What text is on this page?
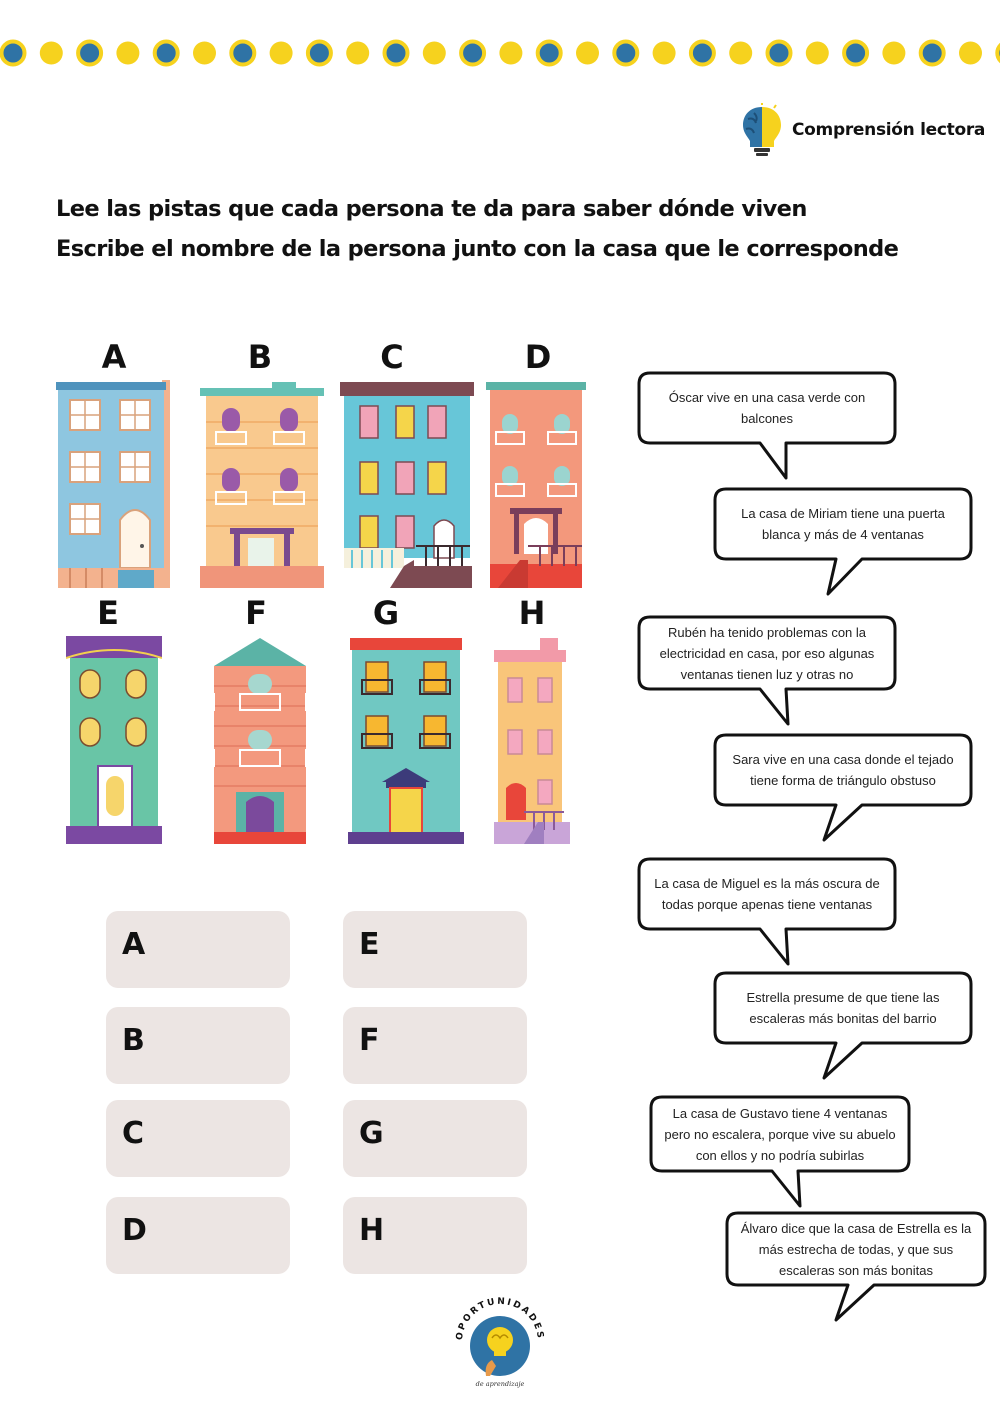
Comprensión lectora
Lee las pistas que cada persona te da para saber dónde viven
Escribe el nombre de la persona junto con la casa que le corresponde
A	B	C	D
E	F	G	H
A	E
B	F
C	G
D	H
Óscar vive en una casa verde con balcones
La casa de Miriam tiene una puerta blanca y más de 4 ventanas
Rubén ha tenido problemas con la electricidad en casa, por eso algunas ventanas tienen luz y otras no
Sara vive en una casa donde el tejado tiene forma de triángulo obstuso
La casa de Miguel es la más oscura de todas porque apenas tiene ventanas
Estrella presume de que tiene las escaleras más bonitas del barrio
La casa de Gustavo tiene 4 ventanas pero no escalera, porque vive su abuelo con ellos y no podría subirlas
Álvaro dice que la casa de Estrella es la más estrecha de todas, y que sus escaleras son más bonitas
OPORTUNIDADES
de aprendizaje
